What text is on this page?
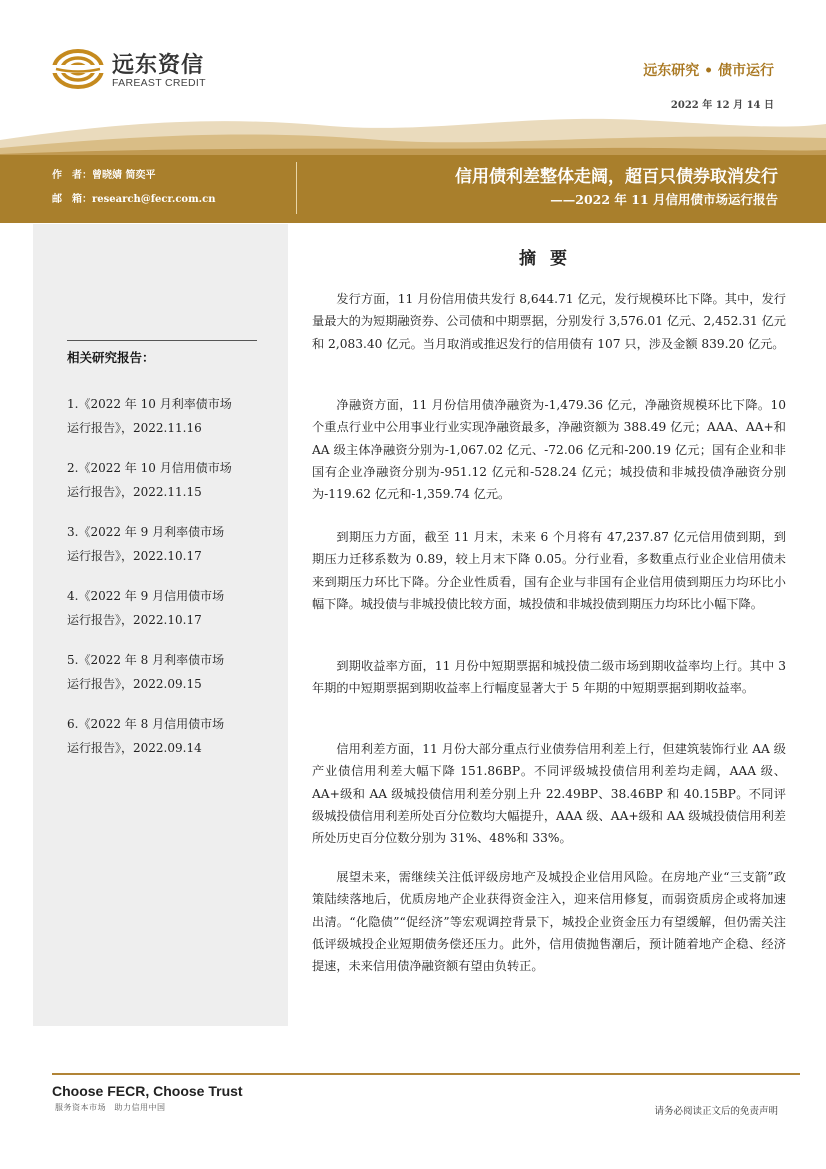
远东资信
FAREAST CREDIT
远东研究 • 债市运行
2022 年 12 月 14 日
作　者：曾晓婧 简奕平
邮　箱：research@fecr.com.cn
信用债利差整体走阔，超百只债券取消发行
——2022 年 11 月信用债市场运行报告
相关研究报告：
1.《2022 年 10 月利率债市场
运行报告》，2022.11.16
2.《2022 年 10 月信用债市场
运行报告》，2022.11.15
3.《2022 年 9 月利率债市场
运行报告》，2022.10.17
4.《2022 年 9 月信用债市场
运行报告》，2022.10.17
5.《2022 年 8 月利率债市场
运行报告》，2022.09.15
6.《2022 年 8 月信用债市场
运行报告》，2022.09.14
摘要

发行方面，11 月份信用债共发行 8,644.71 亿元，发行规模环比下降。其中，发行量最大的为短期融资券、公司债和中期票据，分别发行 3,576.01 亿元、2,452.31 亿元和 2,083.40 亿元。当月取消或推迟发行的信用债有 107 只，涉及金额 839.20 亿元。

净融资方面，11 月份信用债净融资为-1,479.36 亿元，净融资规模环比下降。10 个重点行业中公用事业行业实现净融资最多，净融资额为 388.49 亿元；AAA、AA+和 AA 级主体净融资分别为-1,067.02 亿元、-72.06 亿元和-200.19 亿元；国有企业和非国有企业净融资分别为-951.12 亿元和-528.24 亿元；城投债和非城投债净融资分别为-119.62 亿元和-1,359.74 亿元。

到期压力方面，截至 11 月末，未来 6 个月将有 47,237.87 亿元信用债到期，到期压力迁移系数为 0.89，较上月末下降 0.05。分行业看，多数重点行业企业信用债未来到期压力环比下降。分企业性质看，国有企业与非国有企业信用债到期压力均环比小幅下降。城投债与非城投债比较方面，城投债和非城投债到期压力均环比小幅下降。

到期收益率方面，11 月份中短期票据和城投债二级市场到期收益率均上行。其中 3 年期的中短期票据到期收益率上行幅度显著大于 5 年期的中短期票据到期收益率。

信用利差方面，11 月份大部分重点行业债券信用利差上行，但建筑装饰行业 AA 级产业债信用利差大幅下降 151.86BP。不同评级城投债信用利差均走阔，AAA 级、AA+级和 AA 级城投债信用利差分别上升 22.49BP、38.46BP 和 40.15BP。不同评级城投债信用利差所处百分位数均大幅提升，AAA 级、AA+级和 AA 级城投债信用利差所处历史百分位数分别为 31%、48%和 33%。

展望未来，需继续关注低评级房地产及城投企业信用风险。在房地产业“三支箭”政策陆续落地后，优质房地产企业获得资金注入，迎来信用修复，而弱资质房企或将加速出清。“化隐债”“促经济”等宏观调控背景下，城投企业资金压力有望缓解，但仍需关注低评级城投企业短期债务偿还压力。此外，信用债抛售潮后，预计随着地产企稳、经济提速，未来信用债净融资额有望由负转正。

Choose FECR, Choose Trust
服务资本市场　助力信用中国	请务必阅读正文后的免责声明
